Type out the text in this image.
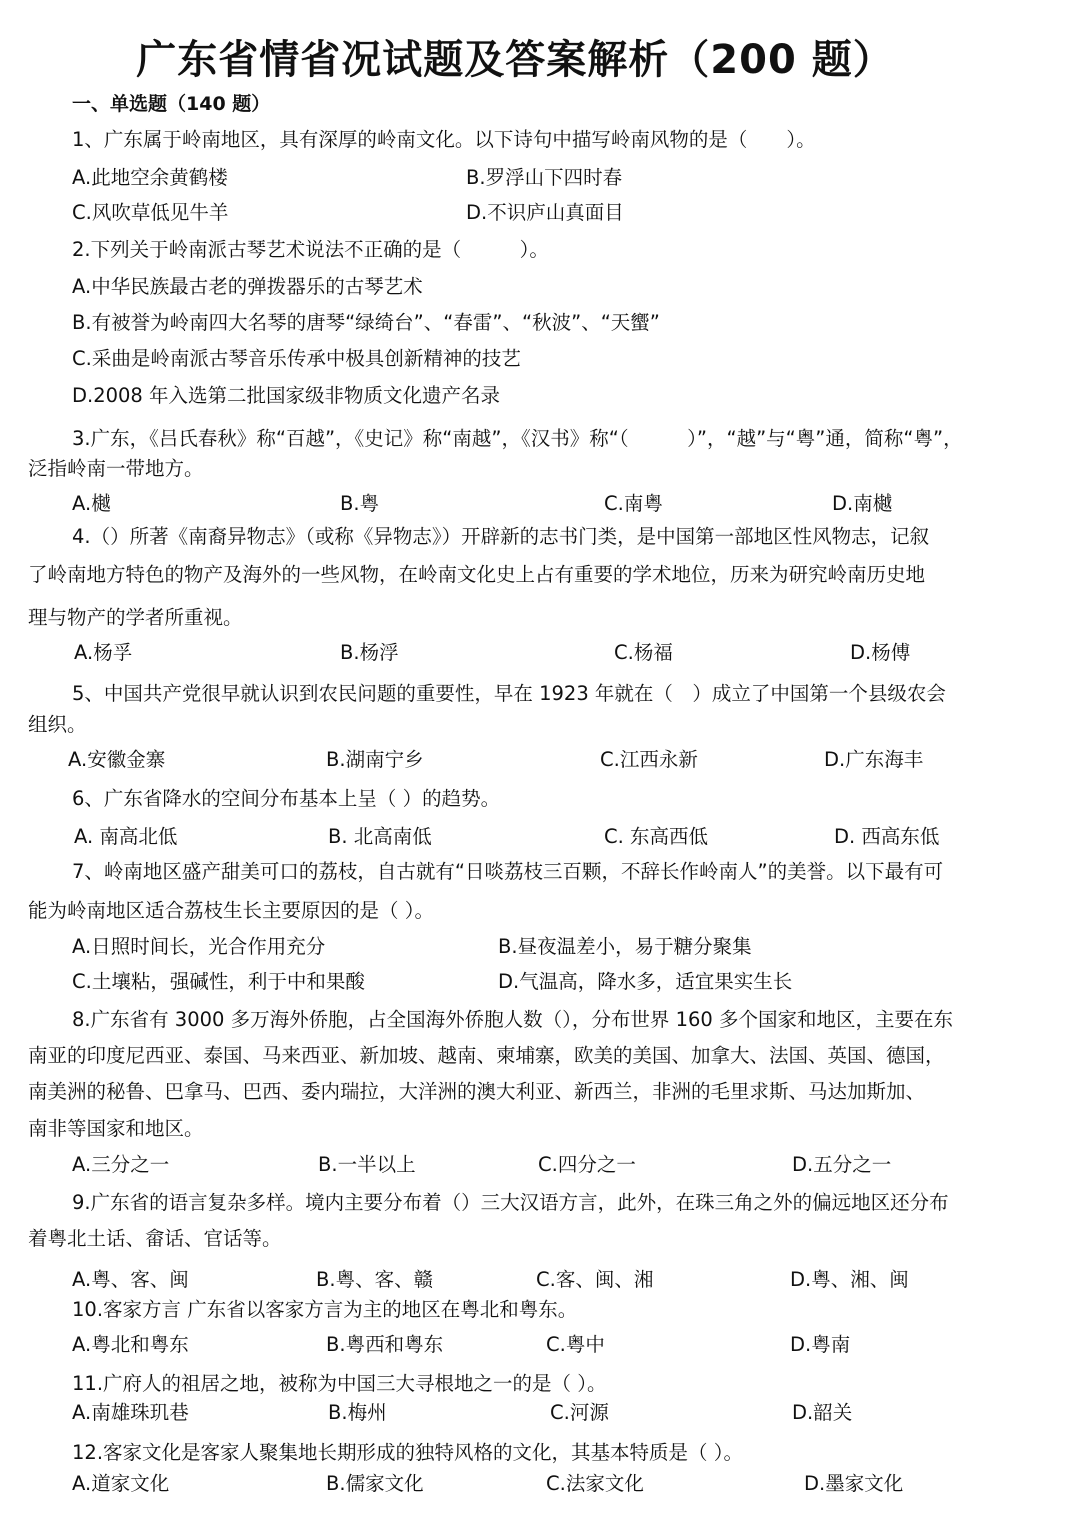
广东省情省况试题及答案解析（200 题）
一、单选题（140 题）
1、广东属于岭南地区，具有深厚的岭南文化。以下诗句中描写岭南风物的是（　　）。
A.此地空余黄鹤楼	B.罗浮山下四时春
C.风吹草低见牛羊	D.不识庐山真面目
2.下列关于岭南派古琴艺术说法不正确的是（　　　）。
A.中华民族最古老的弹拨器乐的古琴艺术
B.有被誉为岭南四大名琴的唐琴“绿绮台”、“春雷”、“秋波”、“天蠁”
C.采曲是岭南派古琴音乐传承中极具创新精神的技艺
D.2008 年入选第二批国家级非物质文化遗产名录
3.广东，《吕氏春秋》称“百越”，《史记》称“南越”，《汉书》称“（　　　）”，“越”与“粤”通，简称“粤”，
泛指岭南一带地方。
A.樾	B.粤	C.南粤	D.南樾
4.（）所著《南裔异物志》（或称《异物志》）开辟新的志书门类，是中国第一部地区性风物志，记叙
了岭南地方特色的物产及海外的一些风物，在岭南文化史上占有重要的学术地位，历来为研究岭南历史地
理与物产的学者所重视。
A.杨孚	B.杨浮	C.杨福	D.杨傅
5、中国共产党很早就认识到农民问题的重要性，早在 1923 年就在（　）成立了中国第一个县级农会
组织。
A.安徽金寨	B.湖南宁乡	C.江西永新	D.广东海丰
6、广东省降水的空间分布基本上呈（ ）的趋势。
A. 南高北低	B. 北高南低	C. 东高西低	D. 西高东低
7、岭南地区盛产甜美可口的荔枝，自古就有“日啖荔枝三百颗，不辞长作岭南人”的美誉。以下最有可
能为岭南地区适合荔枝生长主要原因的是（ ）。
A.日照时间长，光合作用充分	B.昼夜温差小，易于糖分聚集
C.土壤粘，强碱性，利于中和果酸	D.气温高，降水多，适宜果实生长
8.广东省有 3000 多万海外侨胞，占全国海外侨胞人数（），分布世界 160 多个国家和地区，主要在东
南亚的印度尼西亚、泰国、马来西亚、新加坡、越南、柬埔寨，欧美的美国、加拿大、法国、英国、德国，
南美洲的秘鲁、巴拿马、巴西、委内瑞拉，大洋洲的澳大利亚、新西兰，非洲的毛里求斯、马达加斯加、
南非等国家和地区。
A.三分之一	B.一半以上	C.四分之一	D.五分之一
9.广东省的语言复杂多样。境内主要分布着（）三大汉语方言，此外，在珠三角之外的偏远地区还分布
着粤北土话、畲话、官话等。
A.粤、客、闽	B.粤、客、赣	C.客、闽、湘	D.粤、湘、闽
10.客家方言 广东省以客家方言为主的地区在粤北和粤东。
A.粤北和粤东	B.粤西和粤东	C.粤中	D.粤南
11.广府人的祖居之地，被称为中国三大寻根地之一的是（ ）。
A.南雄珠玑巷	B.梅州	C.河源	D.韶关
12.客家文化是客家人聚集地长期形成的独特风格的文化，其基本特质是（ ）。
A.道家文化	B.儒家文化	C.法家文化	D.墨家文化
